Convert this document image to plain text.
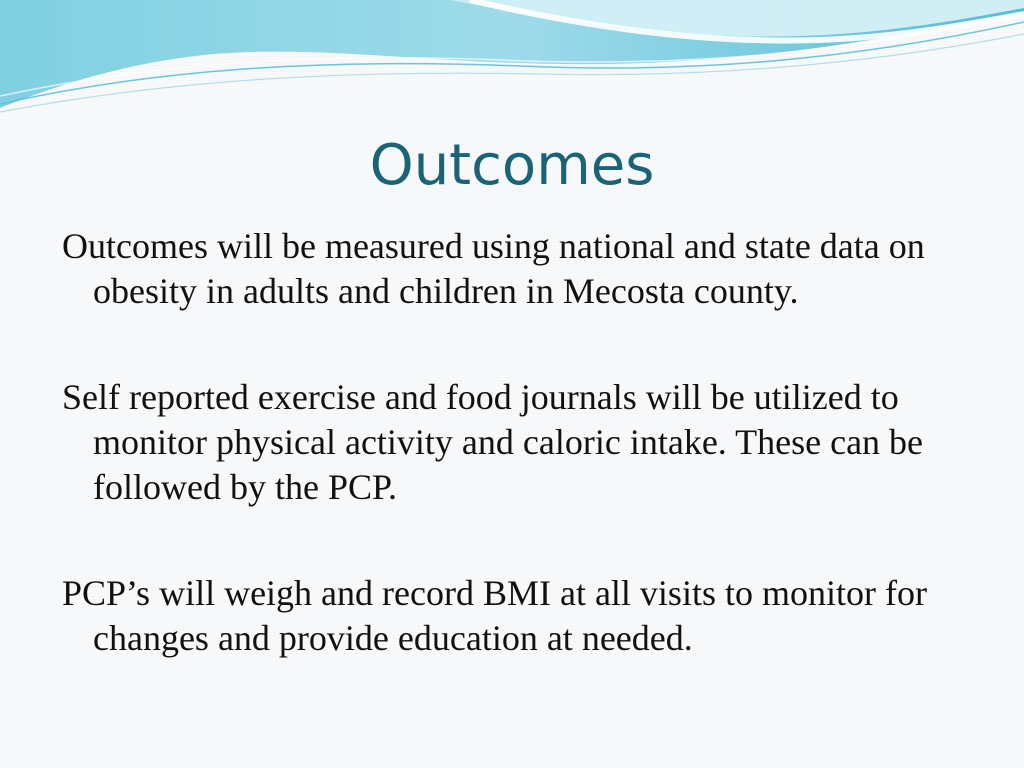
Outcomes

Outcomes will be measured using national and state data on obesity in adults and children in Mecosta county.

Self reported exercise and food journals will be utilized to monitor physical activity and caloric intake. These can be followed by the PCP.

PCP’s will weigh and record BMI at all visits to monitor for changes and provide education at needed.
